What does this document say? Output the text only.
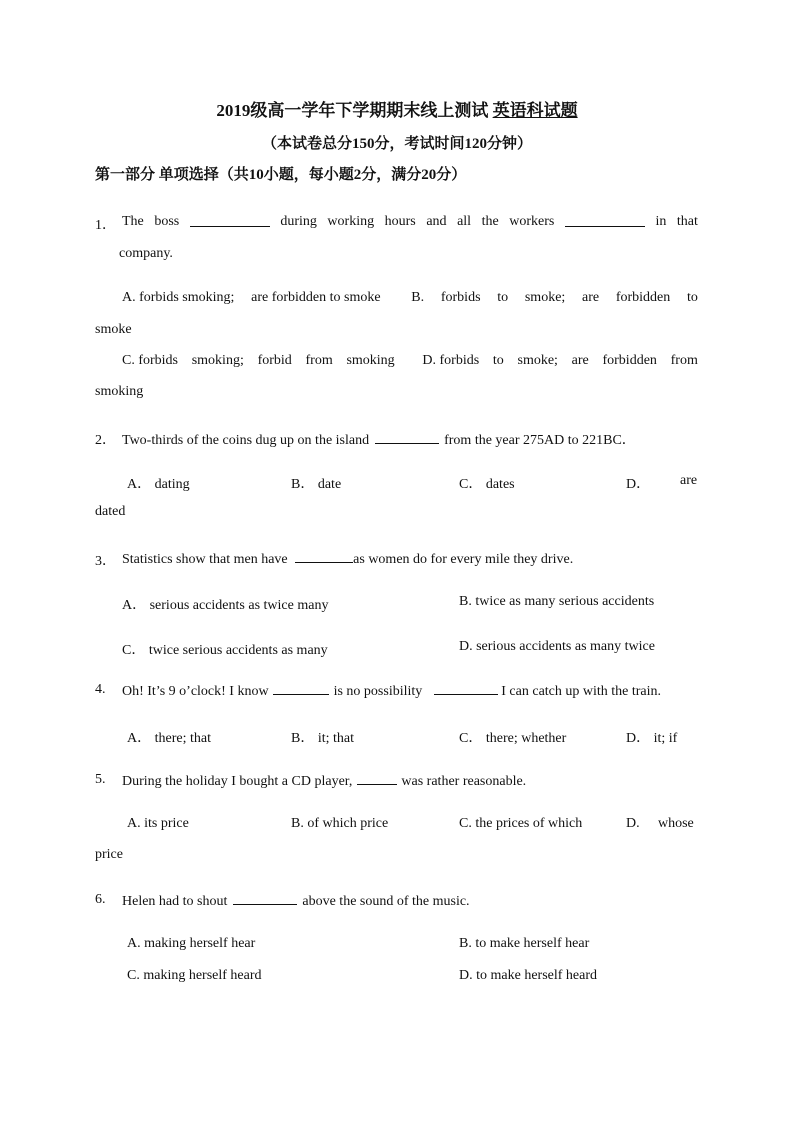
2019级高一学年下学期期末线上测试 英语科试题
（本试卷总分150分，考试时间120分钟）
第一部分 单项选择（共10小题，每小题2分，满分20分）
1． The boss	during working hours and all the workers	in that
company.
A. forbids smoking; are forbidden to smoke B. forbids to smoke; are forbidden to
smoke
C. forbids smoking; forbid from smoking D. forbids to smoke; are forbidden from
smoking
2． Two-thirds of the coins dug up on the island	from the year 275AD to 221BC．
A． dating	B． date	C． dates	D． are
dated
3． Statistics show that men have	as women do for every mile they drive.
A． serious accidents as twice many	B. twice as many serious accidents
C． twice serious accidents as many	D. serious accidents as many twice
4. Oh! It’s 9 o’clock! I know	is no possibility	I can catch up with the train.
A． there; that	B． it; that	C． there; whether	D． it; if
5. During the holiday I bought a CD player,	was rather reasonable.
A. its price	B. of which price	C. the prices of which	D. whose
price
6. Helen had to shout	above the sound of the music.
A. making herself hear	B. to make herself hear
C. making herself heard	D. to make herself heard
